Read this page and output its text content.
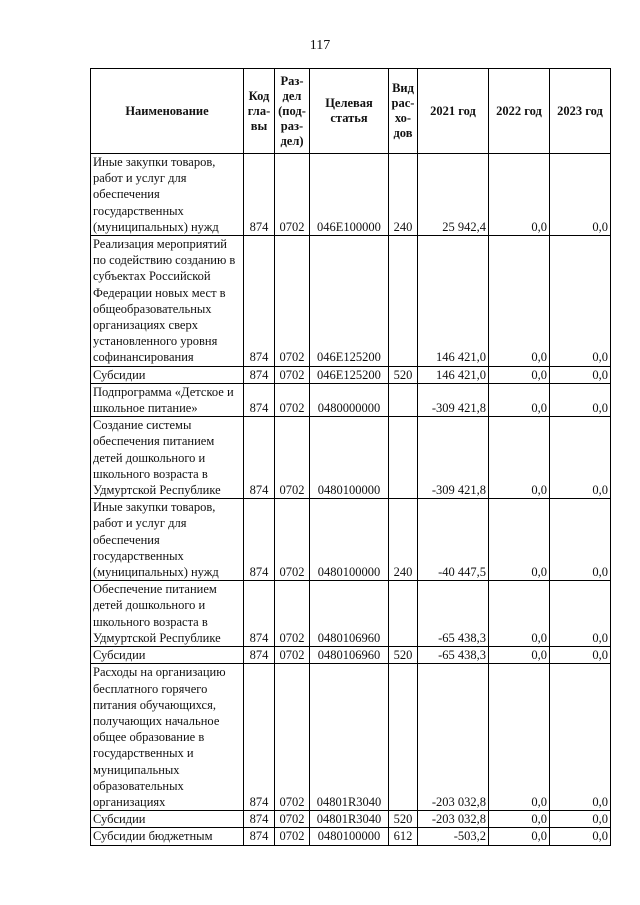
117
Наименование	Код гла-вы	Раз-дел (под-раз-дел)	Целевая статья	Вид рас-хо-дов	2021 год	2022 год	2023 год
Иные закупки товаров, работ и услуг для обеспечения государственных (муниципальных) нужд	874	0702	046E100000	240	25 942,4	0,0	0,0
Реализация мероприятий по содействию созданию в субъектах Российской Федерации новых мест в общеобразовательных организациях сверх установленного уровня софинансирования	874	0702	046E125200		146 421,0	0,0	0,0
Субсидии	874	0702	046E125200	520	146 421,0	0,0	0,0
Подпрограмма «Детское и школьное питание»	874	0702	0480000000		-309 421,8	0,0	0,0
Создание системы обеспечения питанием детей дошкольного и школьного возраста в Удмуртской Республике	874	0702	0480100000		-309 421,8	0,0	0,0
Иные закупки товаров, работ и услуг для обеспечения государственных (муниципальных) нужд	874	0702	0480100000	240	-40 447,5	0,0	0,0
Обеспечение питанием детей дошкольного и школьного возраста в Удмуртской Республике	874	0702	0480106960		-65 438,3	0,0	0,0
Субсидии	874	0702	0480106960	520	-65 438,3	0,0	0,0
Расходы на организацию бесплатного горячего питания обучающихся, получающих начальное общее образование в государственных и муниципальных образовательных организациях	874	0702	04801R3040		-203 032,8	0,0	0,0
Субсидии	874	0702	04801R3040	520	-203 032,8	0,0	0,0
Субсидии бюджетным	874	0702	0480100000	612	-503,2	0,0	0,0
